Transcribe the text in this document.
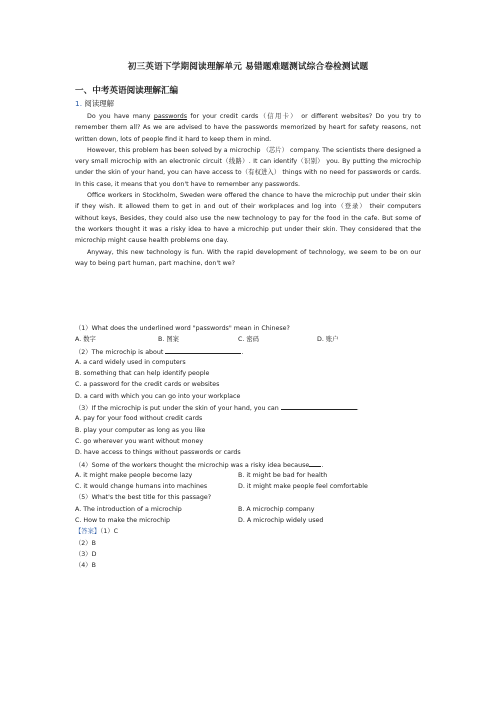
初三英语下学期阅读理解单元 易错题难题测试综合卷检测试题
一、中考英语阅读理解汇编
1. 阅读理解

Do you have many passwords for your credit cards（信用卡） or different websites? Do you try to remember them all? As we are advised to have the passwords memorized by heart for safety reasons, not written down, lots of people find it hard to keep them in mind.

However, this problem has been solved by a microchip （芯片） company. The scientists there designed a very small microchip with an electronic circuit（线路）. It can identify（识别） you. By putting the microchip under the skin of your hand, you can have access to（有权进入） things with no need for passwords or cards. In this case, it means that you don't have to remember any passwords.

Office workers in Stockholm, Sweden were offered the chance to have the microchip put under their skin if they wish. It allowed them to get in and out of their workplaces and log into（登录） their computers without keys, Besides, they could also use the new technology to pay for the food in the cafe. But some of the workers thought it was a risky idea to have a microchip put under their skin. They considered that the microchip might cause health problems one day.

Anyway, this new technology is fun. With the rapid development of technology, we seem to be on our way to being part human, part machine, don't we?

（1）What does the underlined word "passwords" mean in Chinese?
A. 数字	B. 图案	C. 密码	D. 账户
（2）The microchip is about	.
A. a card widely used in computers
B. something that can help identify people
C. a password for the credit cards or websites
D. a card with which you can go into your workplace
（3）If the microchip is put under the skin of your hand, you can	.
A. pay for your food without credit cards
B. play your computer as long as you like
C. go wherever you want without money
D. have access to things without passwords or cards
（4）Some of the workers thought the microchip was a risky idea because .
A. it might make people become lazy	B. it might be bad for health
C. it would change humans into machines	D. it might make people feel comfortable
（5）What's the best title for this passage?
A. The introduction of a microchip	B. A microchip company
C. How to make the microchip	D. A microchip widely used
【答案】（1）C
（2）B
（3）D
（4）B
